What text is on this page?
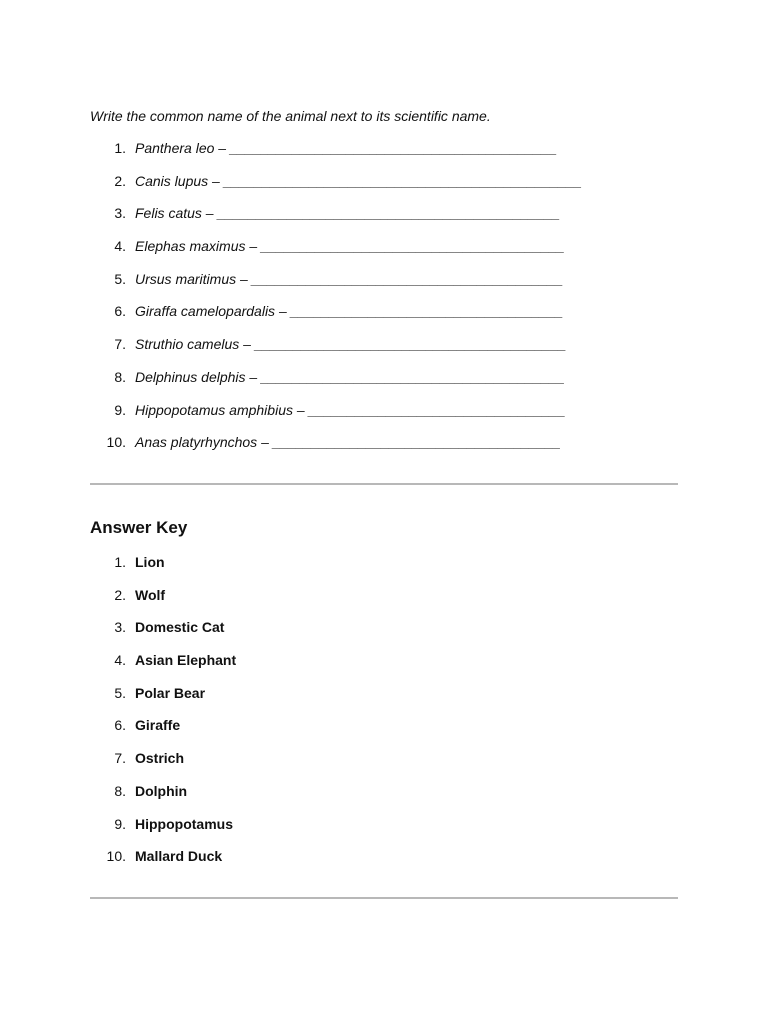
Write the common name of the animal next to its scientific name.
1. Panthera leo – __________________________________________
2. Canis lupus – ______________________________________________
3. Felis catus – ____________________________________________
4. Elephas maximus – _______________________________________
5. Ursus maritimus – ________________________________________
6. Giraffa camelopardalis – ___________________________________
7. Struthio camelus – ________________________________________
8. Delphinus delphis – _______________________________________
9. Hippopotamus amphibius – _________________________________
10. Anas platyrhynchos – _____________________________________
Answer Key
1. Lion
2. Wolf
3. Domestic Cat
4. Asian Elephant
5. Polar Bear
6. Giraffe
7. Ostrich
8. Dolphin
9. Hippopotamus
10. Mallard Duck
